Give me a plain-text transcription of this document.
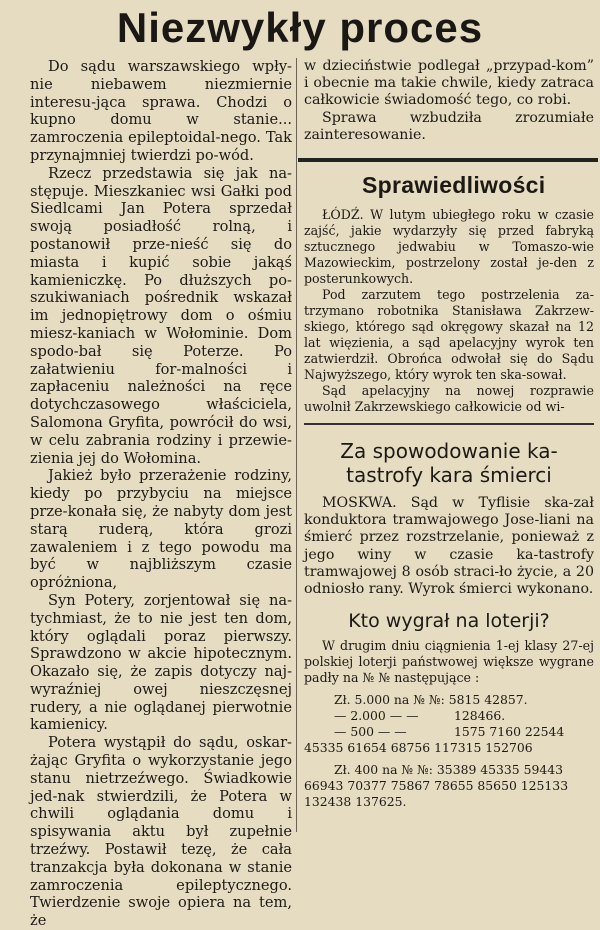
Niezwykły proces

Do sądu warszawskiego wpły-nie niebawem niezmiernie interesu-jąca sprawa. Chodzi o kupno domu w stanie... zamroczenia epileptoidal-nego. Tak przynajmniej twierdzi po-wód.

Rzecz przedstawia się jak na-stępuje. Mieszkaniec wsi Gałki pod Siedlcami Jan Potera sprzedał swoją posiadłość rolną, i postanowił prze-nieść się do miasta i kupić sobie jakąś kamieniczkę. Po dłuższych po-szukiwaniach pośrednik wskazał im jednopiętrowy dom o ośmiu miesz-kaniach w Wołominie. Dom spodo-bał się Poterze. Po załatwieniu for-malności i zapłaceniu należności na ręce dotychczasowego właściciela, Salomona Gryfita, powrócił do wsi, w celu zabrania rodziny i przewie-zienia jej do Wołomina.

Jakież było przerażenie rodziny, kiedy po przybyciu na miejsce prze-konała się, że nabyty dom jest starą ruderą, która grozi zawaleniem i z tego powodu ma być w najbliższym czasie opróżniona,

Syn Potery, zorjentował się na-tychmiast, że to nie jest ten dom, który oglądali poraz pierwszy. Sprawdzono w akcie hipotecznym. Okazało się, że zapis dotyczy naj-wyraźniej owej nieszczęsnej rudery, a nie oglądanej pierwotnie kamienicy.

Potera wystąpił do sądu, oskar-żając Gryfita o wykorzystanie jego stanu nietrzeźwego. Świadkowie jed-nak stwierdzili, że Potera w chwili oglądania domu i spisywania aktu był zupełnie trzeźwy. Postawił tezę, że cała tranzakcja była dokonana w stanie zamroczenia epileptycznego. Twierdzenie swoje opiera na tem, że

w dzieciństwie podlegał „przypad-kom” i obecnie ma takie chwile, kiedy zatraca całkowicie świadomość tego, co robi.

Sprawa wzbudziła zrozumiałe zainteresowanie.

Sprawiedliwości

ŁÓDŹ. W lutym ubiegłego roku w czasie zajść, jakie wydarzyły się przed fabryką sztucznego jedwabiu w Tomaszo-wie Mazowieckim, postrzelony został je-den z posterunkowych.

Pod zarzutem tego postrzelenia za-trzymano robotnika Stanisława Zakrzew-skiego, którego sąd okręgowy skazał na 12 lat więzienia, a sąd apelacyjny wyrok ten zatwierdził. Obrońca odwołał się do Sądu Najwyższego, który wyrok ten ska-sował.

Sąd apelacyjny na nowej rozprawie uwolnił Zakrzewskiego całkowicie od wi-

Za spowodowanie ka-tastrofy kara śmierci

MOSKWA. Sąd w Tyflisie ska-zał konduktora tramwajowego Jose-liani na śmierć przez rozstrzelanie, ponieważ z jego winy w czasie ka-tastrofy tramwajowej 8 osób straci-ło życie, a 20 odniosło rany. Wyrok śmierci wykonano.

Kto wygrał na loterji?

W drugim dniu ciągnienia 1-ej klasy 27-ej polskiej loterji państwowej większe wygrane padły na № № następujące :

Zł. 5.000 na № №: 5815 42857.
— 2.000 — —	128466.
— 500 — —	1575 7160 22544
45335 61654 68756 117315 152706
Zł. 400 na № №: 35389 45335 59443
66943 70377 75867 78655 85650 125133
132438 137625.
